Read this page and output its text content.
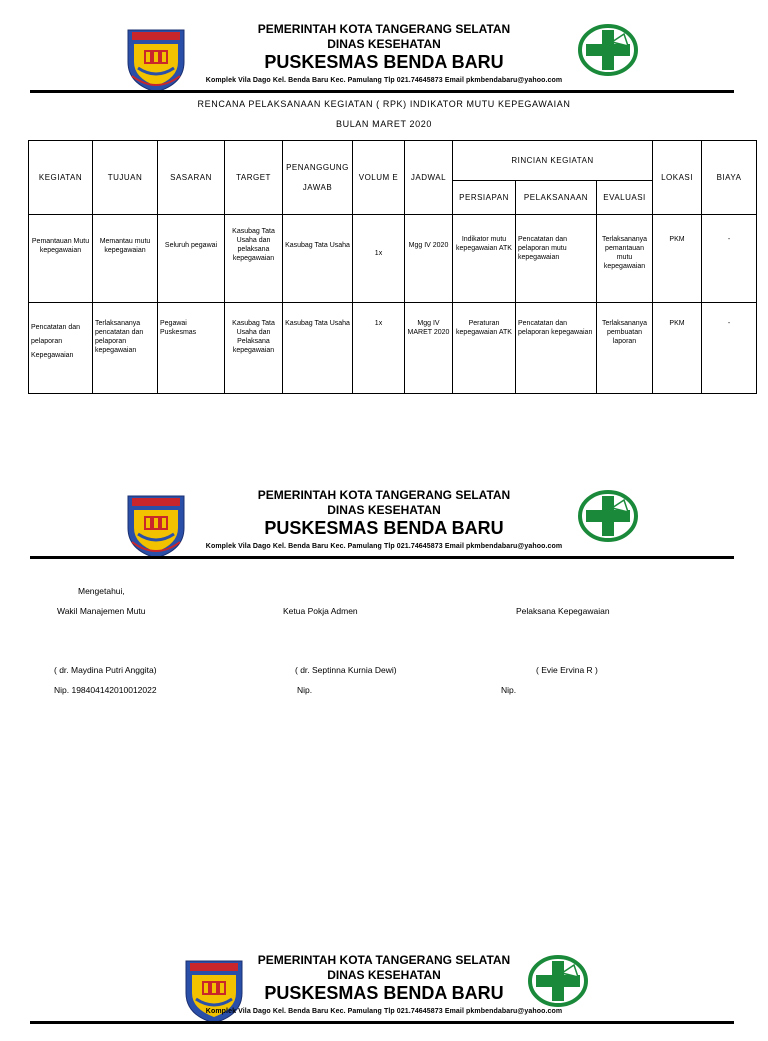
PEMERINTAH KOTA TANGERANG SELATAN
DINAS KESEHATAN
PUSKESMAS BENDA BARU
Komplek Vila Dago Kel. Benda Baru Kec. Pamulang Tlp 021.74645873 Email pkmbendabaru@yahoo.com
RENCANA PELAKSANAAN KEGIATAN ( RPK) INDIKATOR MUTU KEPEGAWAIAN
BULAN MARET 2020
KEGIATAN	TUJUAN	SASARAN	TARGET	PENANGGUNG JAWAB	VOLUM E	JADWAL	RINCIAN KEGIATAN			LOKASI	BIAYA
							PERSIAPAN	PELAKSANAAN	EVALUASI		
Pemantauan Mutu kepegawaian	Memantau mutu kepegawaian	Seluruh pegawai	Kasubag Tata Usaha dan pelaksana kepegawaian	Kasubag Tata Usaha	1x	Mgg IV 2020	Indikator mutu kepegawaian ATK	Pencatatan dan pelaporan mutu kepegawaian	Terlaksananya pemantauan mutu kepegawaian	PKM	-
Pencatatan dan pelaporan Kepegawaian	Terlaksananya pencatatan dan pelaporan kepegawaian	Pegawai Puskesmas	Kasubag Tata Usaha dan Pelaksana kepegawaian	Kasubag Tata Usaha	1x	Mgg IV MARET 2020	Peraturan kepegawaian ATK	Pencatatan dan pelaporan kepegawaian	Terlaksananya pembuatan laporan	PKM	-
PEMERINTAH KOTA TANGERANG SELATAN
DINAS KESEHATAN
PUSKESMAS BENDA BARU
Komplek Vila Dago Kel. Benda Baru Kec. Pamulang Tlp 021.74645873 Email pkmbendabaru@yahoo.com
Mengetahui,
Wakil Manajemen Mutu	Ketua Pokja Admen	Pelaksana Kepegawaian
( dr. Maydina Putri Anggita)	( dr. Septinna Kurnia Dewi)	( Evie Ervina R )
Nip. 198404142010012022	Nip.	Nip.
PEMERINTAH KOTA TANGERANG SELATAN
DINAS KESEHATAN
PUSKESMAS BENDA BARU
Komplek Vila Dago Kel. Benda Baru Kec. Pamulang Tlp 021.74645873 Email pkmbendabaru@yahoo.com
